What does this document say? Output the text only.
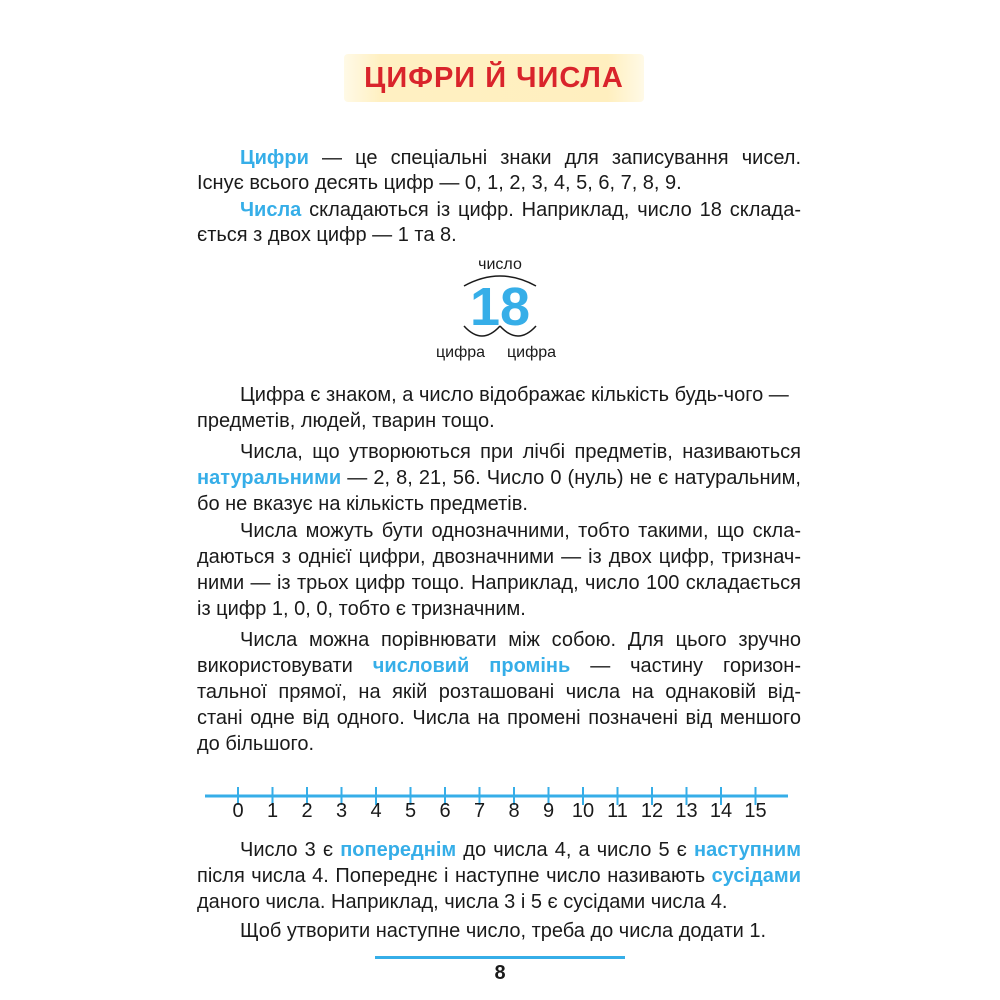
ЦИФРИ Й ЧИСЛА

Цифри — це спеціальні знаки для записування чисел.

Існує всього десять цифр — 0, 1, 2, 3, 4, 5, 6, 7, 8, 9.

Числа складаються із цифр. Наприклад, число 18 склада-

ється з двох цифр — 1 та 8.

число
18
цифра цифра

Цифра є знаком, а число відображає кількість будь-чого —

предметів, людей, тварин тощо.

Числа, що утворюються при лічбі предметів, називаються

натуральними — 2, 8, 21, 56. Число 0 (нуль) не є натуральним,

бо не вказує на кількість предметів.

Числа можуть бути однозначними, тобто такими, що скла-

даються з однієї цифри, двозначними — із двох цифр, тризнач-

ними — із трьох цифр тощо. Наприклад, число 100 складається

із цифр 1, 0, 0, тобто є тризначним.

Числа можна порівнювати між собою. Для цього зручно

використовувати числовий промінь — частину горизон-

тальної прямої, на якій розташовані числа на однаковій від-

стані одне від одного. Числа на промені позначені від меншого

до більшого.

Число 3 є попереднім до числа 4, а число 5 є наступним

після числа 4. Попереднє і наступне число називають сусідами

даного числа. Наприклад, числа 3 і 5 є сусідами числа 4.

Щоб утворити наступне число, треба до числа додати 1.

8
0 1 2 3 4 5 6 7 8 9 10 11 12 13 14 15
